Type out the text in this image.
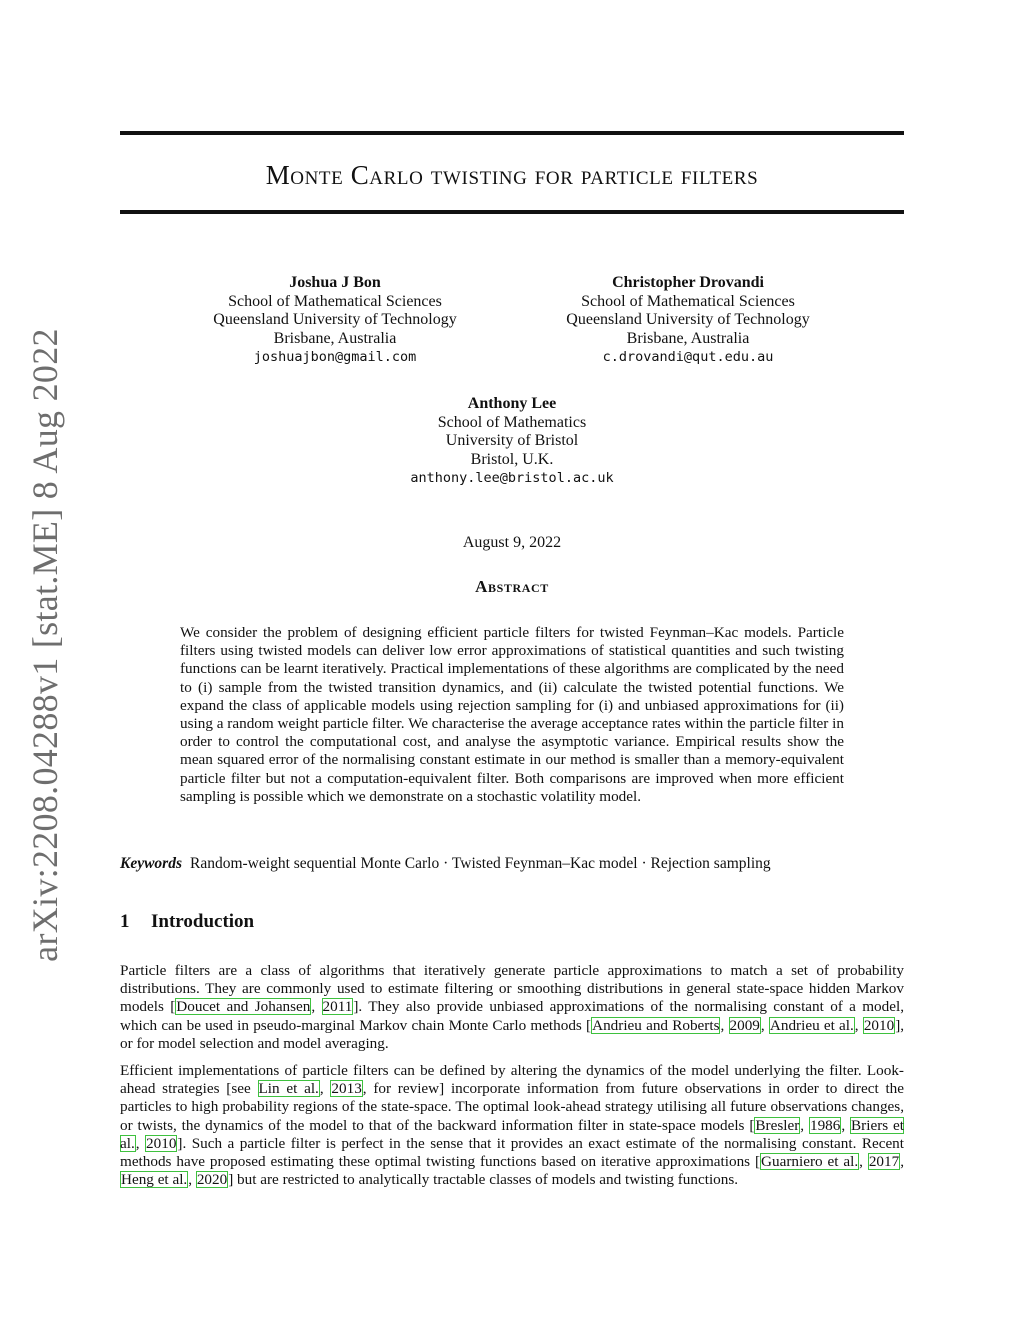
arXiv:2208.04288v1 [stat.ME] 8 Aug 2022
Monte Carlo twisting for particle filters
Joshua J Bon
School of Mathematical Sciences
Queensland University of Technology
Brisbane, Australia
joshuajbon@gmail.com
Christopher Drovandi
School of Mathematical Sciences
Queensland University of Technology
Brisbane, Australia
c.drovandi@qut.edu.au
Anthony Lee
School of Mathematics
University of Bristol
Bristol, U.K.
anthony.lee@bristol.ac.uk
August 9, 2022
Abstract

We consider the problem of designing efficient particle filters for twisted Feynman–Kac models. Particle filters using twisted models can deliver low error approximations of statistical quantities and such twisting functions can be learnt iteratively. Practical implementations of these algorithms are complicated by the need to (i) sample from the twisted transition dynamics, and (ii) calculate the twisted potential functions. We expand the class of applicable models using rejection sampling for (i) and unbiased approximations for (ii) using a random weight particle filter. We characterise the average acceptance rates within the particle filter in order to control the computational cost, and analyse the asymptotic variance. Empirical results show the mean squared error of the normalising constant estimate in our method is smaller than a memory-equivalent particle filter but not a computation-equivalent filter. Both comparisons are improved when more efficient sampling is possible which we demonstrate on a stochastic volatility model.

Keywords Random-weight sequential Monte Carlo · Twisted Feynman–Kac model · Rejection sampling
1 Introduction

Particle filters are a class of algorithms that iteratively generate particle approximations to match a set of probability distributions. They are commonly used to estimate filtering or smoothing distributions in general state-space hidden Markov models [Doucet and Johansen, 2011]. They also provide unbiased approximations of the normalising constant of a model, which can be used in pseudo-marginal Markov chain Monte Carlo methods [Andrieu and Roberts, 2009, Andrieu et al., 2010], or for model selection and model averaging.

Efficient implementations of particle filters can be defined by altering the dynamics of the model underlying the filter. Look-ahead strategies [see Lin et al., 2013, for review] incorporate information from future observations in order to direct the particles to high probability regions of the state-space. The optimal look-ahead strategy utilising all future observations changes, or twists, the dynamics of the model to that of the backward information filter in state-space models [Bresler, 1986, Briers et al., 2010]. Such a particle filter is perfect in the sense that it provides an exact estimate of the normalising constant. Recent methods have proposed estimating these optimal twisting functions based on iterative approximations [Guarniero et al., 2017, Heng et al., 2020] but are restricted to analytically tractable classes of models and twisting functions.
